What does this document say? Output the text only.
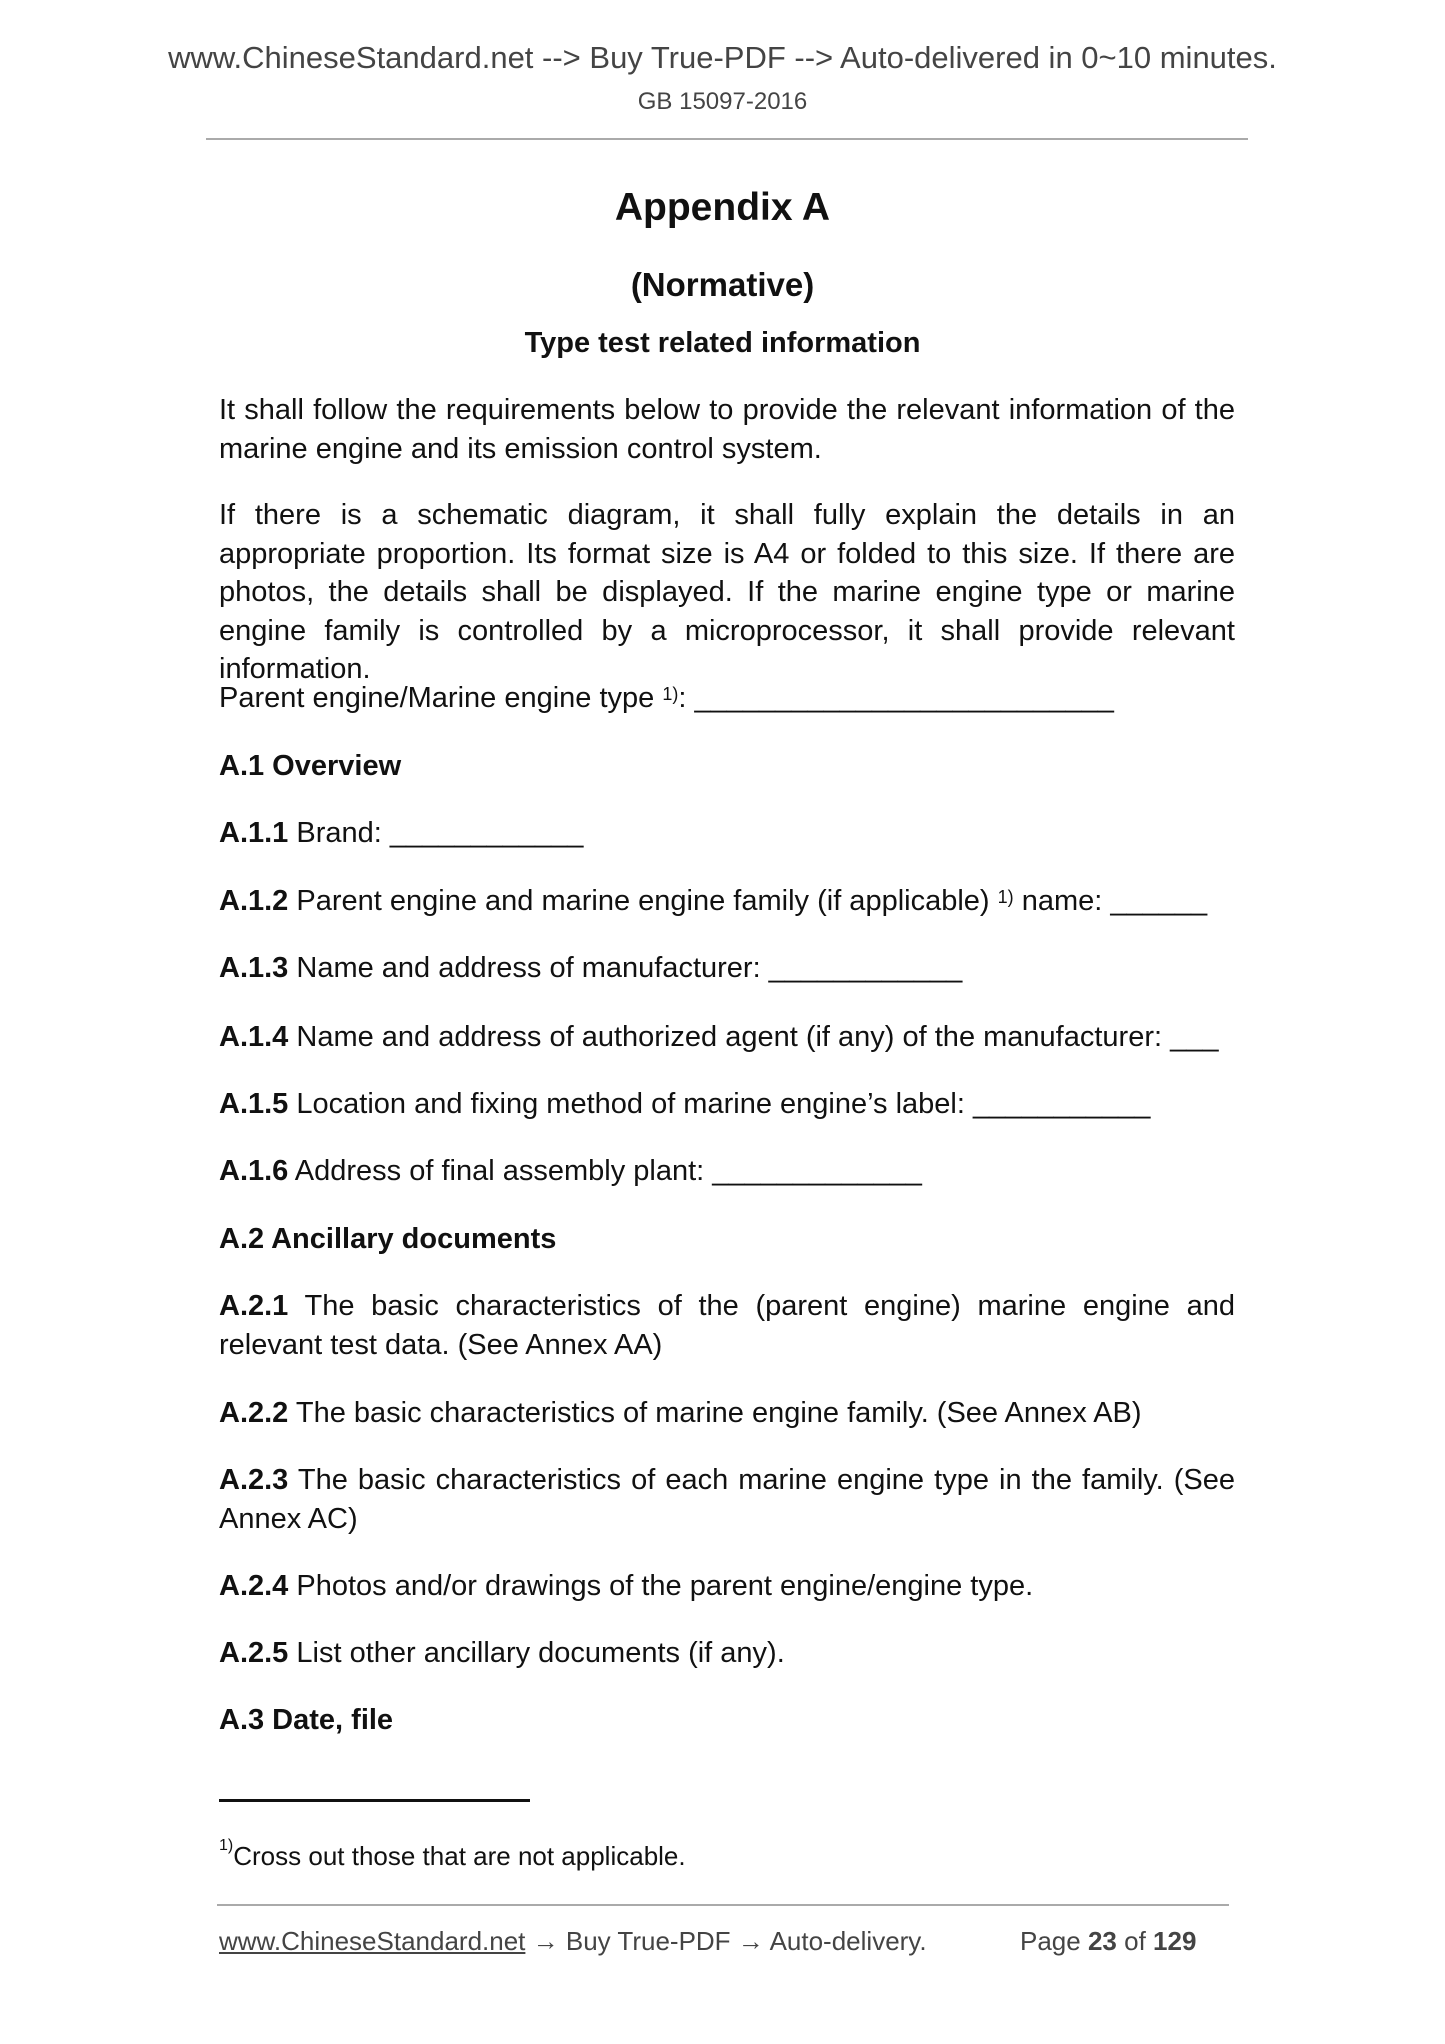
www.ChineseStandard.net --> Buy True-PDF --> Auto-delivered in 0~10 minutes.
GB 15097-2016
Appendix A
(Normative)
Type test related information
It shall follow the requirements below to provide the relevant information of the marine engine and its emission control system.
If there is a schematic diagram, it shall fully explain the details in an appropriate proportion. Its format size is A4 or folded to this size. If there are photos, the details shall be displayed. If the marine engine type or marine engine family is controlled by a microprocessor, it shall provide relevant information.
Parent engine/Marine engine type $^{1)}$: __________________________
A.1 Overview
A.1.1 Brand: ____________
A.1.2 Parent engine and marine engine family (if applicable) $^{1)}$ name: ______
A.1.3 Name and address of manufacturer: ____________
A.1.4 Name and address of authorized agent (if any) of the manufacturer: ___
A.1.5 Location and fixing method of marine engine’s label: ___________
A.1.6 Address of final assembly plant: _____________
A.2 Ancillary documents
A.2.1 The basic characteristics of the (parent engine) marine engine and relevant test data. (See Annex AA)
A.2.2 The basic characteristics of marine engine family. (See Annex AB)
A.2.3 The basic characteristics of each marine engine type in the family. (See Annex AC)
A.2.4 Photos and/or drawings of the parent engine/engine type.
A.2.5 List other ancillary documents (if any).
A.3 Date, file
$^{1)}$Cross out those that are not applicable.
www.ChineseStandard.net → Buy True-PDF → Auto-delivery.	Page 23 of 129
